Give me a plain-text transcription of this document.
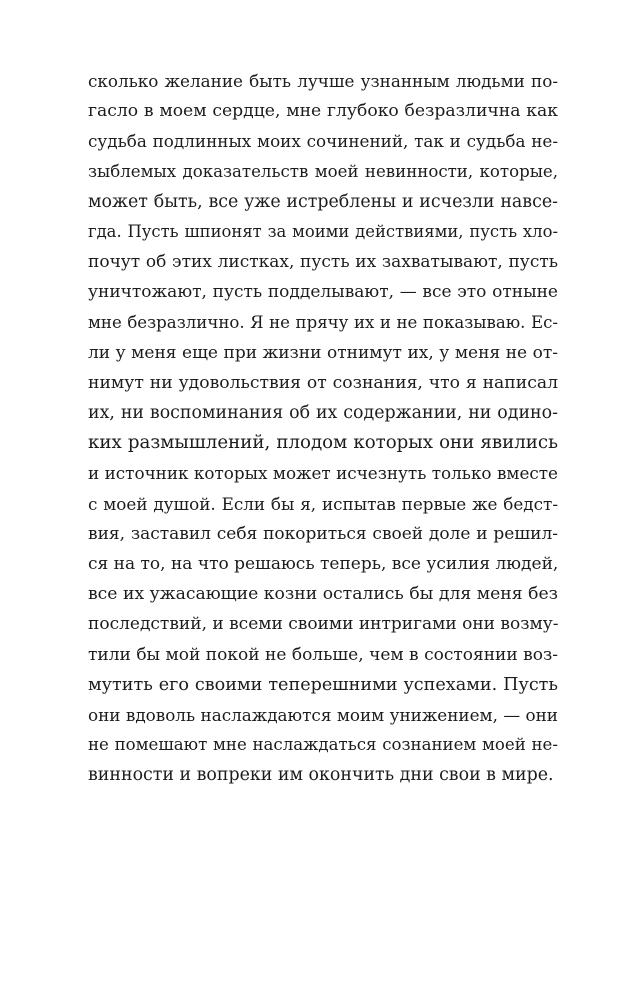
сколько желание быть лучше узнанным людьми по-
гасло в моем сердце, мне глубоко безразлична как
судьба подлинных моих сочинений, так и судьба не-
зыблемых доказательств моей невинности, которые,
может быть, все уже истреблены и исчезли навсе-
гда. Пусть шпионят за моими действиями, пусть хло-
почут об этих листках, пусть их захватывают, пусть
уничтожают, пусть подделывают, — все это отныне
мне безразлично. Я не прячу их и не показываю. Ес-
ли у меня еще при жизни отнимут их, у меня не от-
нимут ни удовольствия от сознания, что я написал
их, ни воспоминания об их содержании, ни одино-
ких размышлений, плодом которых они явились
и источник которых может исчезнуть только вместе
с моей душой. Если бы я, испытав первые же бедст-
вия, заставил себя покориться своей доле и решил-
ся на то, на что решаюсь теперь, все усилия людей,
все их ужасающие козни остались бы для меня без
последствий, и всеми своими интригами они возму-
тили бы мой покой не больше, чем в состоянии воз-
мутить его своими теперешними успехами. Пусть
они вдоволь наслаждаются моим унижением, — они
не помешают мне наслаждаться сознанием моей не-
винности и вопреки им окончить дни свои в мире.
